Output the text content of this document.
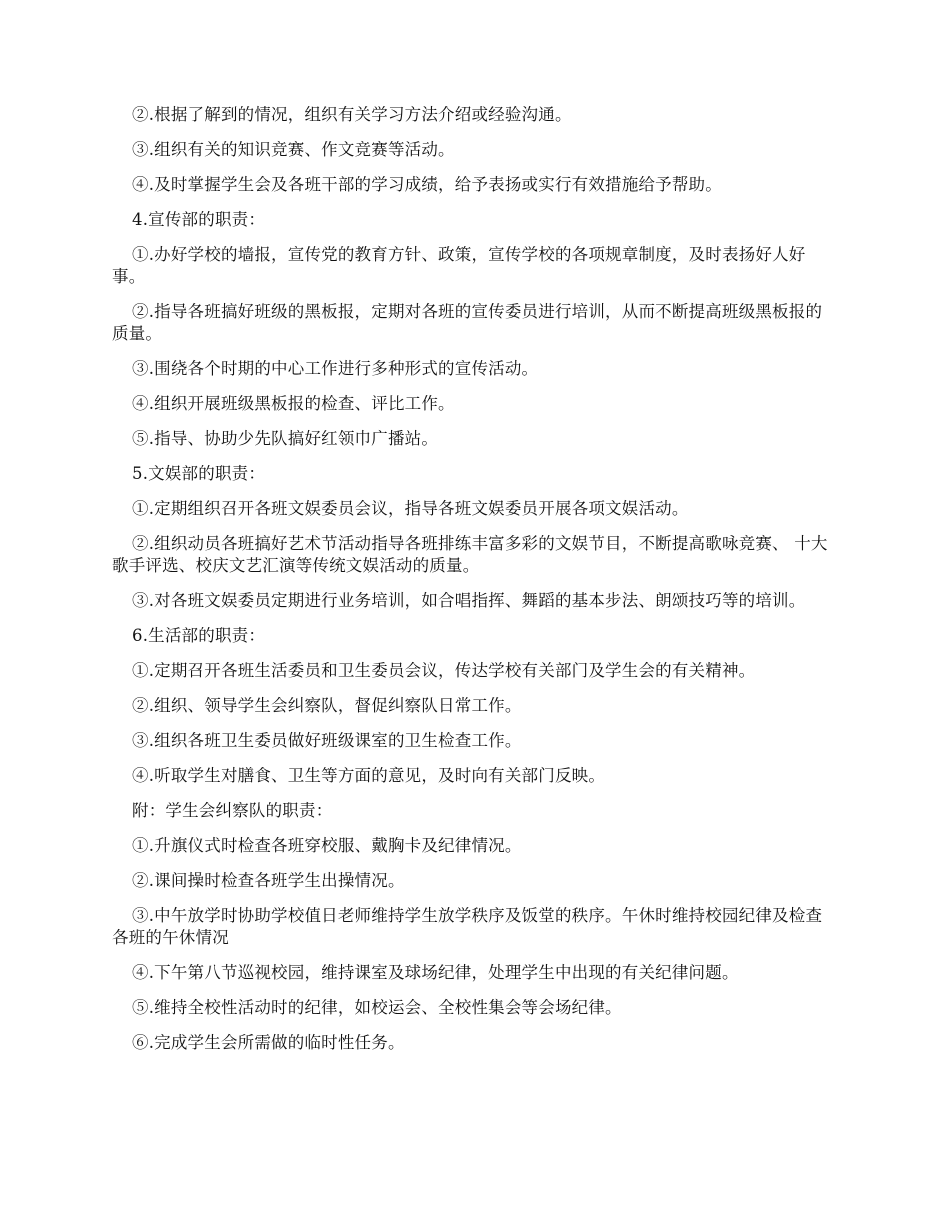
②.根据了解到的情况，组织有关学习方法介绍或经验沟通。

③.组织有关的知识竞赛、作文竞赛等活动。

④.及时掌握学生会及各班干部的学习成绩，给予表扬或实行有效措施给予帮助。

4.宣传部的职责：

①.办好学校的墙报，宣传党的教育方针、政策，宣传学校的各项规章制度，及时表扬好人好事。

②.指导各班搞好班级的黑板报，定期对各班的宣传委员进行培训，从而不断提高班级黑板报的质量。

③.围绕各个时期的中心工作进行多种形式的宣传活动。

④.组织开展班级黑板报的检查、评比工作。

⑤.指导、协助少先队搞好红领巾广播站。

5.文娱部的职责：

①.定期组织召开各班文娱委员会议，指导各班文娱委员开展各项文娱活动。

②.组织动员各班搞好艺术节活动指导各班排练丰富多彩的文娱节目，不断提高歌咏竞赛、 十大歌手评选、校庆文艺汇演等传统文娱活动的质量。

③.对各班文娱委员定期进行业务培训，如合唱指挥、舞蹈的基本步法、朗颂技巧等的培训。

6.生活部的职责：

①.定期召开各班生活委员和卫生委员会议，传达学校有关部门及学生会的有关精神。

②.组织、领导学生会纠察队，督促纠察队日常工作。

③.组织各班卫生委员做好班级课室的卫生检查工作。

④.听取学生对膳食、卫生等方面的意见，及时向有关部门反映。

附：学生会纠察队的职责：

①.升旗仪式时检查各班穿校服、戴胸卡及纪律情况。

②.课间操时检查各班学生出操情况。

③.中午放学时协助学校值日老师维持学生放学秩序及饭堂的秩序。午休时维持校园纪律及检查各班的午休情况

④.下午第八节巡视校园，维持课室及球场纪律，处理学生中出现的有关纪律问题。

⑤.维持全校性活动时的纪律，如校运会、全校性集会等会场纪律。

⑥.完成学生会所需做的临时性任务。
